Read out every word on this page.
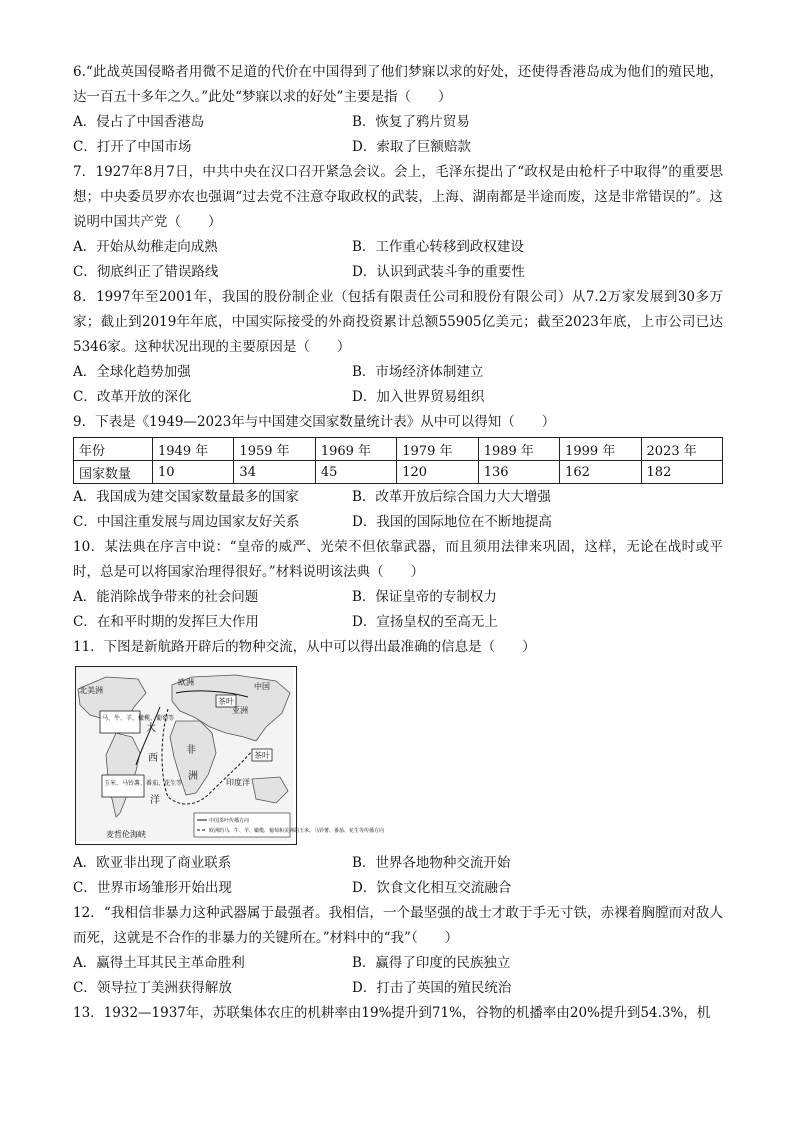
6.“此战英国侵略者用微不足道的代价在中国得到了他们梦寐以求的好处，还使得香港岛成为他们的殖民地，达一百五十多年之久。”此处“梦寐以求的好处”主要是指（　　）

A．侵占了中国香港岛	B．恢复了鸦片贸易
C．打开了中国市场	D．索取了巨额赔款

7．1927年8月7日，中共中央在汉口召开紧急会议。会上，毛泽东提出了“政权是由枪杆子中取得”的重要思想；中央委员罗亦农也强调“过去党不注意夺取政权的武装，上海、湖南都是半途而废，这是非常错误的”。这说明中国共产党（　　）

A．开始从幼稚走向成熟	B．工作重心转移到政权建设
C．彻底纠正了错误路线	D．认识到武装斗争的重要性

8．1997年至2001年，我国的股份制企业（包括有限责任公司和股份有限公司）从7.2万家发展到30多万家；截止到2019年年底，中国实际接受的外商投资累计总额55905亿美元；截至2023年底，上市公司已达5346家。这种状况出现的主要原因是（　　）

A．全球化趋势加强	B．市场经济体制建立
C．改革开放的深化	D．加入世界贸易组织

9．下表是《1949—2023年与中国建交国家数量统计表》从中可以得知（　　）

年份	1949 年	1959 年	1969 年	1979 年	1989 年	1999 年	2023 年
国家数量	10	34	45	120	136	162	182
A．我国成为建交国家数量最多的国家	B．改革开放后综合国力大大增强
C．中国注重发展与周边国家友好关系	D．我国的国际地位在不断地提高

10．某法典在序言中说：“皇帝的威严、光荣不但依靠武器，而且须用法律来巩固，这样，无论在战时或平时，总是可以将国家治理得很好。”材料说明该法典（　　）

A．能消除战争带来的社会问题	B．保证皇帝的专制权力
C．在和平时期的发挥巨大作用	D．宣扬皇权的至高无上

11．下图是新航路开辟后的物种交流，从中可以得出最准确的信息是（　　）

北美洲
欧洲
亚洲
中国
非
洲
大
西
洋
印度洋
麦哲伦海峡
马、牛、羊、橄榄、葡萄等
茶叶
茶叶
玉米、马铃薯、番茄、花生等
中国茶叶传播方向
欧洲的马、牛、羊、橄榄、葡萄和美洲的玉米、马铃薯、番茄、花生等传播方向
A．欧亚非出现了商业联系	B．世界各地物种交流开始
C．世界市场雏形开始出现	D．饮食文化相互交流融合

12．“我相信非暴力这种武器属于最强者。我相信，一个最坚强的战士才敢于手无寸铁，赤裸着胸膛而对敌人而死，这就是不合作的非暴力的关键所在。”材料中的“我”（　　）

A．赢得土耳其民主革命胜利	B．赢得了印度的民族独立
C．领导拉丁美洲获得解放	D．打击了英国的殖民统治

13．1932—1937年，苏联集体农庄的机耕率由19%提升到71%，谷物的机播率由20%提升到54.3%，机
